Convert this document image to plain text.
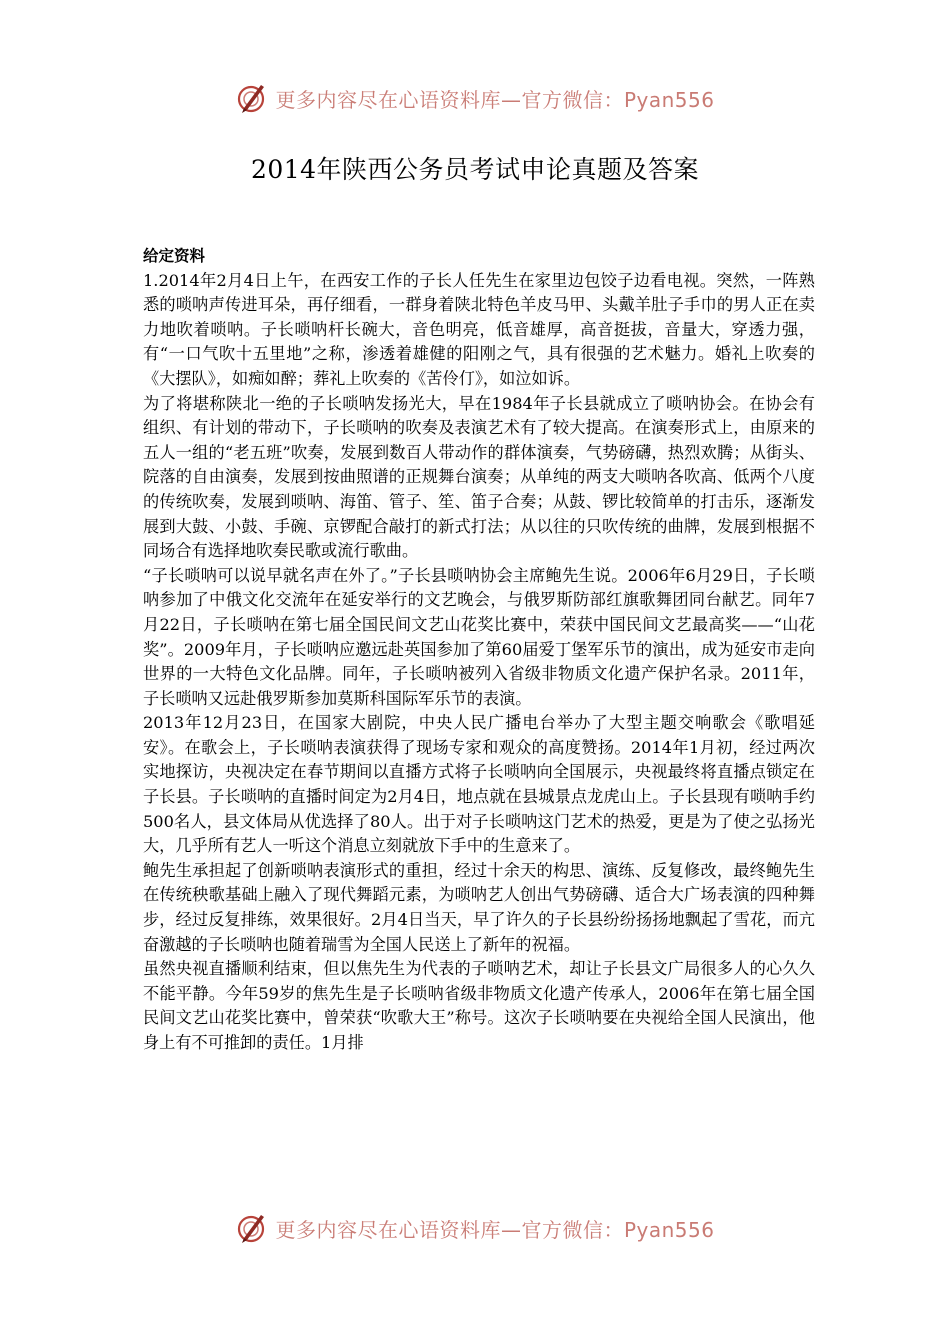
更多内容尽在心语资料库—官方微信：Pyan556
2014年陕西公务员考试申论真题及答案

给定资料

1.2014年2月4日上午，在西安工作的子长人任先生在家里边包饺子边看电视。突然，一阵熟悉的唢呐声传进耳朵，再仔细看，一群身着陕北特色羊皮马甲、头戴羊肚子手巾的男人正在卖力地吹着唢呐。子长唢呐杆长碗大，音色明亮，低音雄厚，高音挺拔，音量大，穿透力强，有“一口气吹十五里地”之称，渗透着雄健的阳刚之气，具有很强的艺术魅力。婚礼上吹奏的《大摆队》，如痴如醉；葬礼上吹奏的《苦伶仃》，如泣如诉。

为了将堪称陕北一绝的子长唢呐发扬光大，早在1984年子长县就成立了唢呐协会。在协会有组织、有计划的带动下，子长唢呐的吹奏及表演艺术有了较大提高。在演奏形式上，由原来的五人一组的“老五班”吹奏，发展到数百人带动作的群体演奏，气势磅礴，热烈欢腾；从街头、院落的自由演奏，发展到按曲照谱的正规舞台演奏；从单纯的两支大唢呐各吹高、低两个八度的传统吹奏，发展到唢呐、海笛、管子、笙、笛子合奏；从鼓、锣比较简单的打击乐，逐渐发展到大鼓、小鼓、手碗、京锣配合敲打的新式打法；从以往的只吹传统的曲牌，发展到根据不同场合有选择地吹奏民歌或流行歌曲。

“子长唢呐可以说早就名声在外了。”子长县唢呐协会主席鲍先生说。2006年6月29日，子长唢呐参加了中俄文化交流年在延安举行的文艺晚会，与俄罗斯防部红旗歌舞团同台献艺。同年7月22日，子长唢呐在第七届全国民间文艺山花奖比赛中，荣获中国民间文艺最高奖——“山花奖”。2009年月，子长唢呐应邀远赴英国参加了第60届爱丁堡军乐节的演出，成为延安市走向世界的一大特色文化品牌。同年，子长唢呐被列入省级非物质文化遗产保护名录。2011年，子长唢呐又远赴俄罗斯参加莫斯科国际军乐节的表演。

2013年12月23日，在国家大剧院，中央人民广播电台举办了大型主题交响歌会《歌唱延安》。在歌会上，子长唢呐表演获得了现场专家和观众的高度赞扬。2014年1月初，经过两次实地探访，央视决定在春节期间以直播方式将子长唢呐向全国展示，央视最终将直播点锁定在子长县。子长唢呐的直播时间定为2月4日，地点就在县城景点龙虎山上。子长县现有唢呐手约500名人，县文体局从优选择了80人。出于对子长唢呐这门艺术的热爱，更是为了使之弘扬光大，几乎所有艺人一听这个消息立刻就放下手中的生意来了。

鲍先生承担起了创新唢呐表演形式的重担，经过十余天的构思、演练、反复修改，最终鲍先生在传统秧歌基础上融入了现代舞蹈元素，为唢呐艺人创出气势磅礴、适合大广场表演的四种舞步，经过反复排练，效果很好。2月4日当天，早了许久的子长县纷纷扬扬地飘起了雪花，而亢奋激越的子长唢呐也随着瑞雪为全国人民送上了新年的祝福。

虽然央视直播顺利结束，但以焦先生为代表的子唢呐艺术，却让子长县文广局很多人的心久久不能平静。今年59岁的焦先生是子长唢呐省级非物质文化遗产传承人，2006年在第七届全国民间文艺山花奖比赛中，曾荣获“吹歌大王”称号。这次子长唢呐要在央视给全国人民演出，他身上有不可推卸的责任。1月排

更多内容尽在心语资料库—官方微信：Pyan556
